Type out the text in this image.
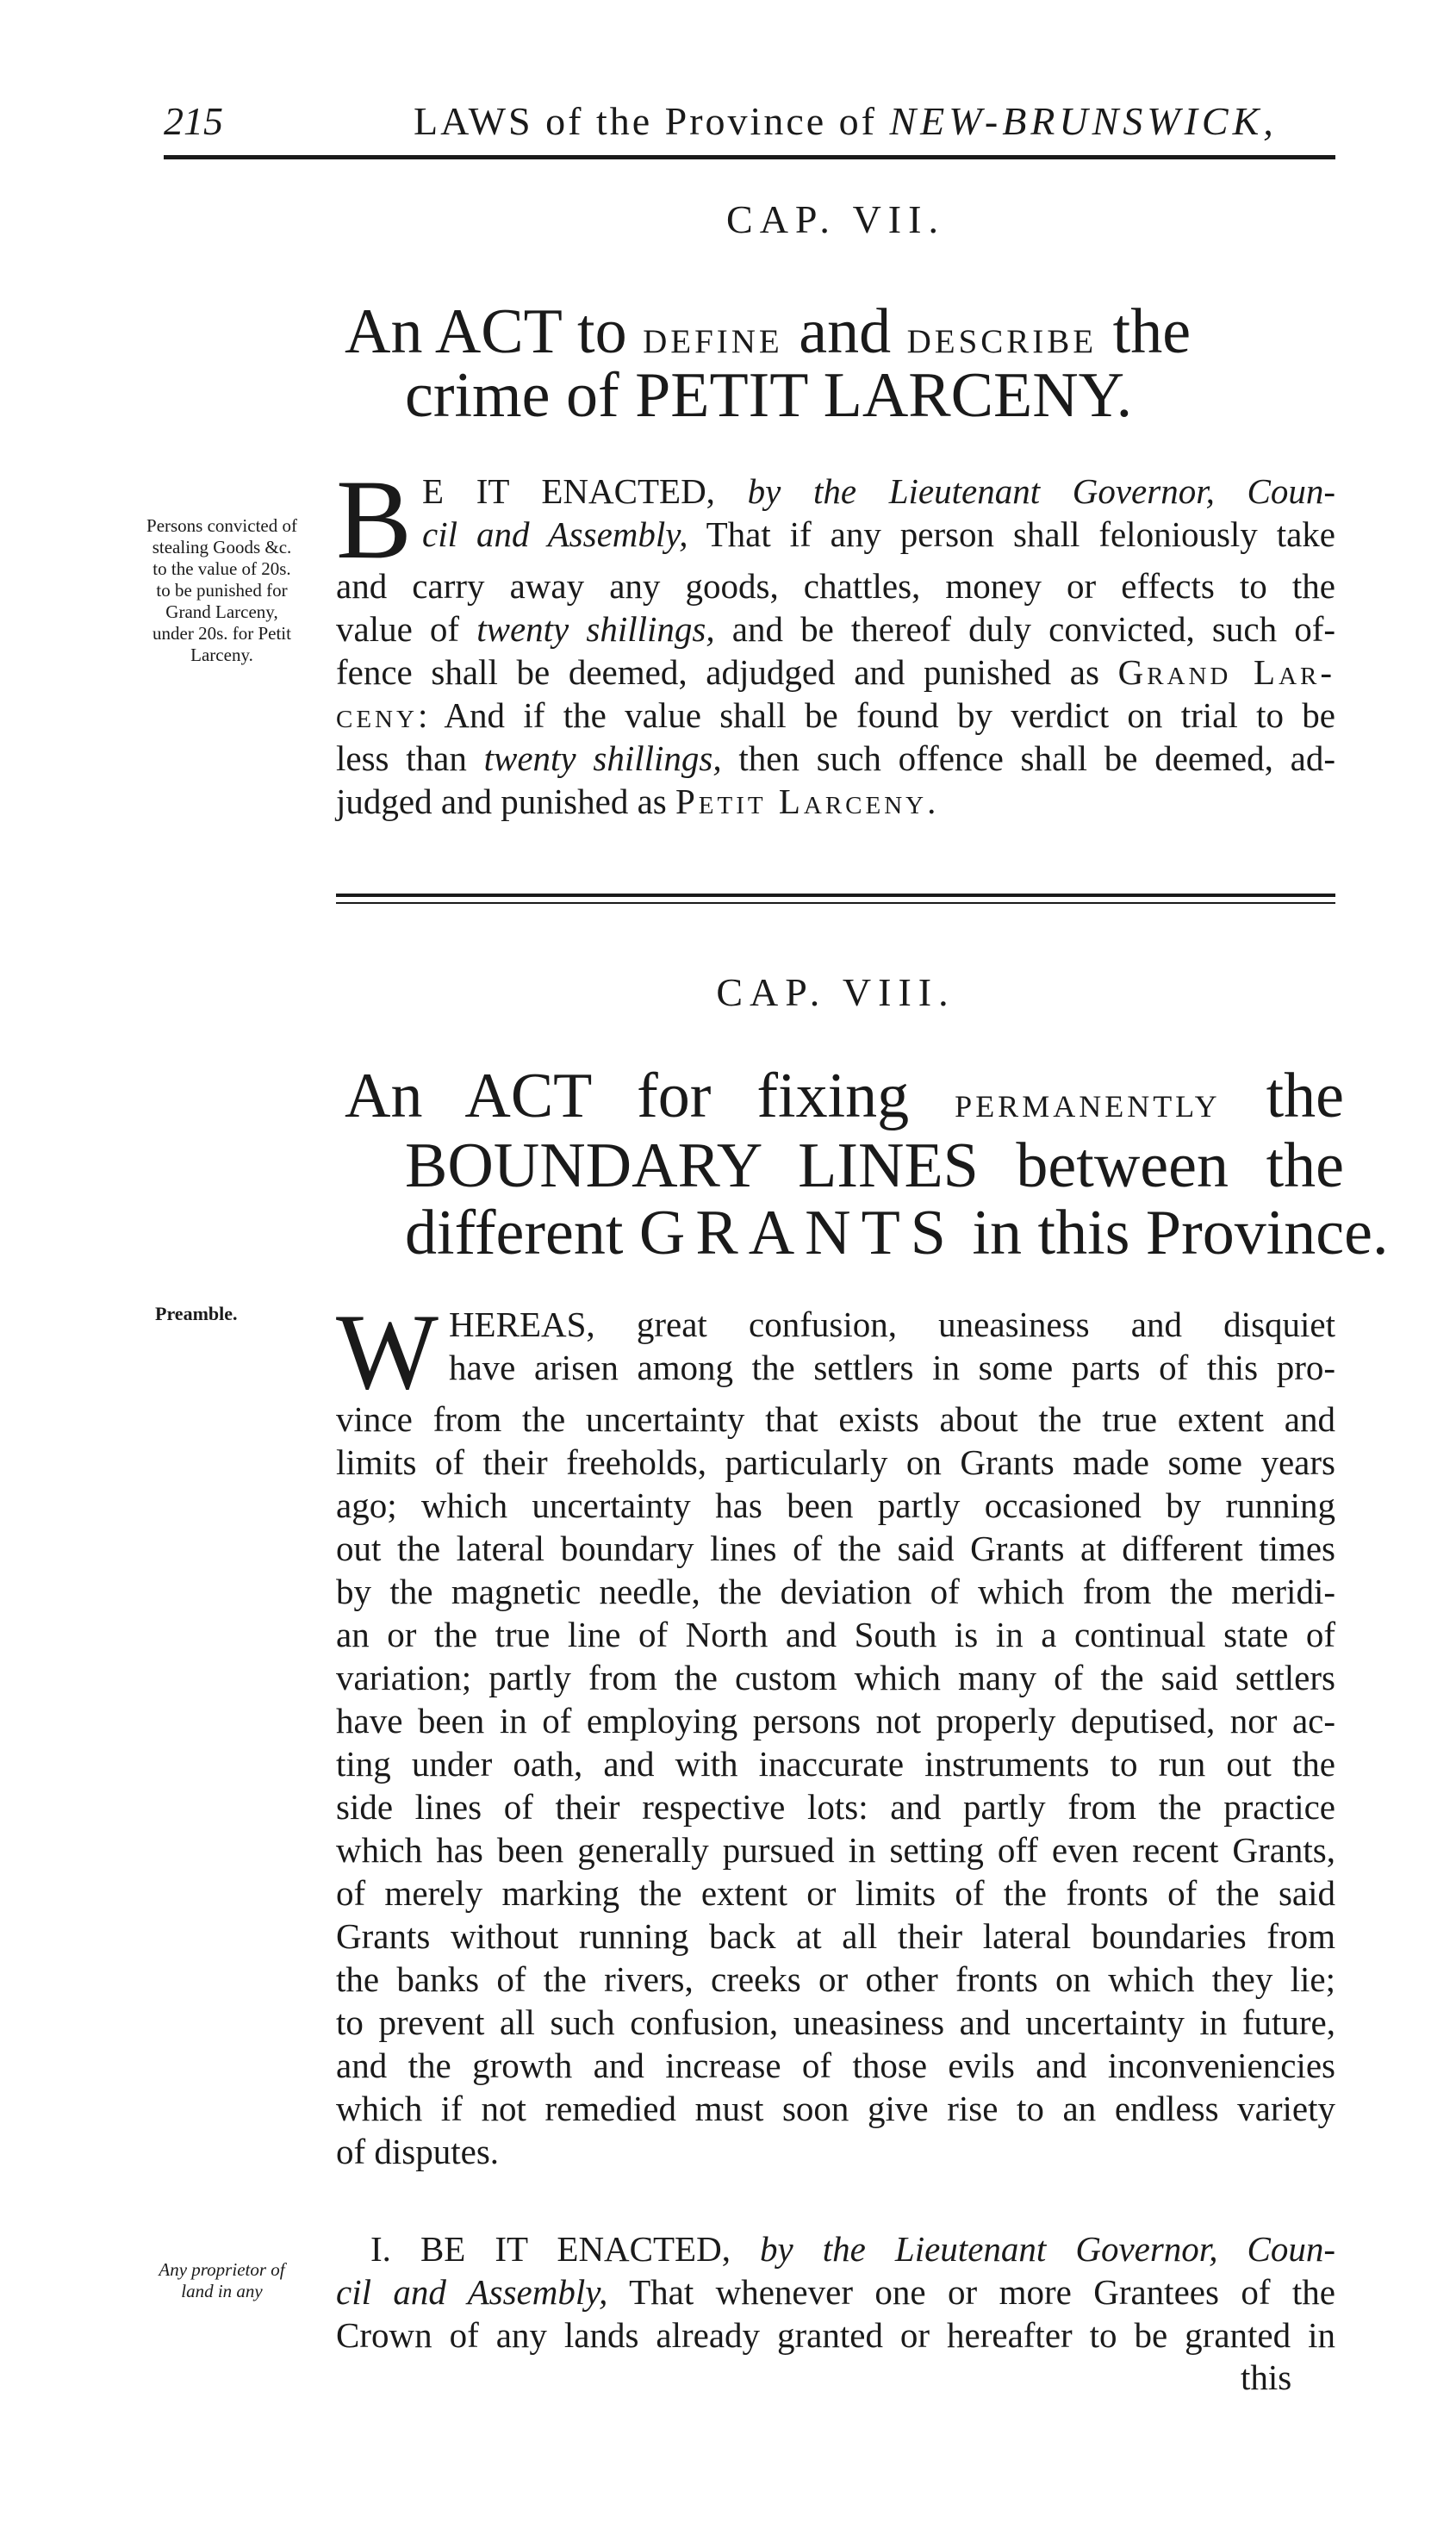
215	LAWS of the Province of NEW-BRUNSWICK,
CAP. VII.
An ACT to define and describe the
crime of PETIT LARCENY.
Persons convicted of stealing Goods &c. to the value of 20s. to be punished for Grand Larceny, under 20s. for Petit Larceny.
B E IT ENACTED, by the Lieutenant Governor, Coun-
cil and Assembly, That if any person shall feloniously take
and carry away any goods, chattles, money or effects to the
value of twenty shillings, and be thereof duly convicted, such of-
fence shall be deemed, adjudged and punished as Grand Lar-
ceny: And if the value shall be found by verdict on trial to be
less than twenty shillings, then such offence shall be deemed, ad-
judged and punished as Petit Larceny.
CAP. VIII.
An ACT for fixing permanently the
BOUNDARY LINES between the
different GRANTS in this Province.
Preamble. W HEREAS, great confusion, uneasiness and disquiet
have arisen among the settlers in some parts of this pro-
vince from the uncertainty that exists about the true extent and
limits of their freeholds, particularly on Grants made some years
ago; which uncertainty has been partly occasioned by running
out the lateral boundary lines of the said Grants at different times
by the magnetic needle, the deviation of which from the meridi-
an or the true line of North and South is in a continual state of
variation; partly from the custom which many of the said settlers
have been in of employing persons not properly deputised, nor ac-
ting under oath, and with inaccurate instruments to run out the
side lines of their respective lots: and partly from the practice
which has been generally pursued in setting off even recent Grants,
of merely marking the extent or limits of the fronts of the said
Grants without running back at all their lateral boundaries from
the banks of the rivers, creeks or other fronts on which they lie;
to prevent all such confusion, uneasiness and uncertainty in future,
and the growth and increase of those evils and inconveniencies
which if not remedied must soon give rise to an endless variety
of disputes.
Any proprietor of land in any
I. BE IT ENACTED, by the Lieutenant Governor, Coun-
cil and Assembly, That whenever one or more Grantees of the
Crown of any lands already granted or hereafter to be granted in
this
